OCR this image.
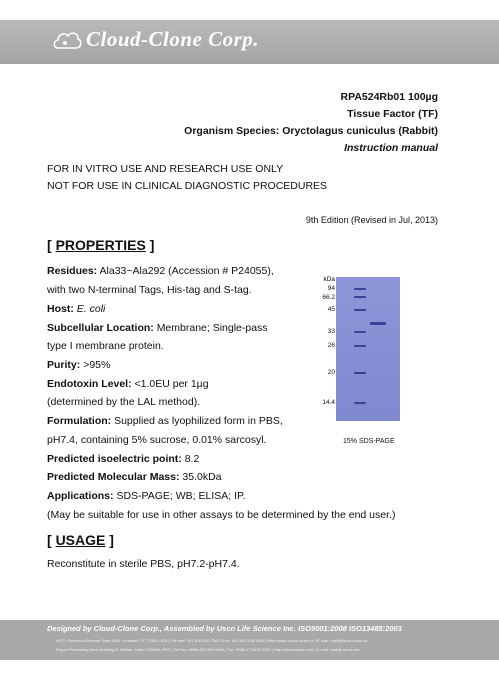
Cloud-Clone Corp.
RPA524Rb01 100µg
Tissue Factor (TF)
Organism Species: Oryctolagus cuniculus (Rabbit)
Instruction manual
FOR IN VITRO USE AND RESEARCH USE ONLY
NOT FOR USE IN CLINICAL DIAGNOSTIC PROCEDURES
9th Edition (Revised in Jul, 2013)
[ PROPERTIES ]
Residues: Ala33~Ala292 (Accession # P24055),
with two N-terminal Tags, His-tag and S-tag.
Host: E. coli
Subcellular Location: Membrane; Single-pass
type I membrane protein.
Purity: >95%
Endotoxin Level: <1.0EU per 1µg
(determined by the LAL method).
Formulation: Supplied as lyophilized form in PBS,
pH7.4, containing 5% sucrose, 0.01% sarcosyl.
Predicted isoelectric point: 8.2
Predicted Molecular Mass: 35.0kDa
Applications: SDS-PAGE; WB; ELISA; IP.
(May be suitable for use in other assays to be determined by the end user.)
kDa
94
66.2
45
33
26
20
14.4
15% SDS-PAGE
[ USAGE ]
Reconstitute in sterile PBS, pH7.2-pH7.4.
Designed by Cloud-Clone Corp., Assembled by Uscn Life Science Inc. ISO9001:2008 ISO13485:2003
HQTI: Richmond Avenue Suite 9459, Houston, TX 77082, USA | Toll-free: 001-800-932-7562 | Fax: 001-832-538-0068 | http://www.cloud-clone.us | E-mail: mail@cloud-clone.us
Export Processing Zone Building E, Wuhan, Hubei 430056, PRC | Tel Fax: 0086-400-999-0069 | Fax: 0086-27-8425-9551 | http://www.uscnk.com | E-mail: mail@uscnk.com
